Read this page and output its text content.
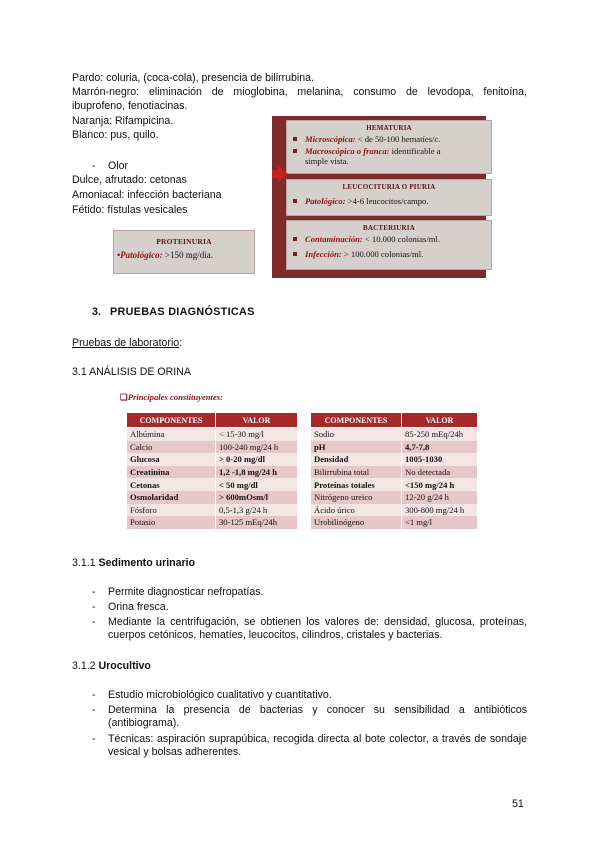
Pardo: coluria, (coca-cola), presencia de bilirrubina.
Marrón-negro: eliminación de mioglobina, melanina, consumo de levodopa, fenitoína,
ibuprofeno, fenotiacinas.
Naranja: Rifampicina.
Blanco: pus, quilo.
- Olor
Dulce, afrutado: cetonas
Amoniacal: infección bacteriana
Fétido: fístulas vesicales
HEMATURIA
Microscópica: < de 50-100 hematíes/c.
Macroscópica o franca: identificable a
simple vista.
LEUCOCITURIA O PIURIA
Patológico: >4-6 leucocitos/campo.
BACTERIURIA
Contaminación: < 10.000 colonias/ml.
Infección: > 100.000 colonias/ml.
PROTEINURIA
•Patológico: >150 mg/día.
3. PRUEBAS DIAGNÓSTICAS
Pruebas de laboratorio:
3.1 ANÁLISIS DE ORINA
❑Principales constituyentes:
COMPONENTES	VALOR
Albúmina	< 15-30 mg/l
Calcio	100-240 mg/24 h
Glucosa	> 0-20 mg/dl
Creatinina	1,2 -1,8 mg/24 h
Cetonas	< 50 mg/dl
Osmolaridad	> 600mOsm/l
Fósforo	0,5-1,3 g/24 h
Potasio	30-125 mEq/24h
COMPONENTES	VALOR
Sodio	85-250 mEq/24h
pH	4,7-7,8
Densidad	1005-1030
Bilirrubina total	No detectada
Proteínas totales	<150 mg/24 h
Nitrógeno ureico	12-20 g/24 h
Ácido úrico	300-800 mg/24 h
Urobilinógeno	<1 mg/l
3.1.1 Sedimento urinario
- Permite diagnosticar nefropatías.
- Orina fresca.
- Mediante la centrifugación, se obtienen los valores de: densidad, glucosa, proteínas, cuerpos cetónicos, hematíes, leucocitos, cilindros, cristales y bacterias.
3.1.2 Urocultivo
- Estudio microbiológico cualitativo y cuantitativo.
- Determina la presencia de bacterias y conocer su sensibilidad a antibióticos (antibiograma).
- Técnicas: aspiración suprapúbica, recogida directa al bote colector, a través de sondaje vesical y bolsas adherentes.
51
